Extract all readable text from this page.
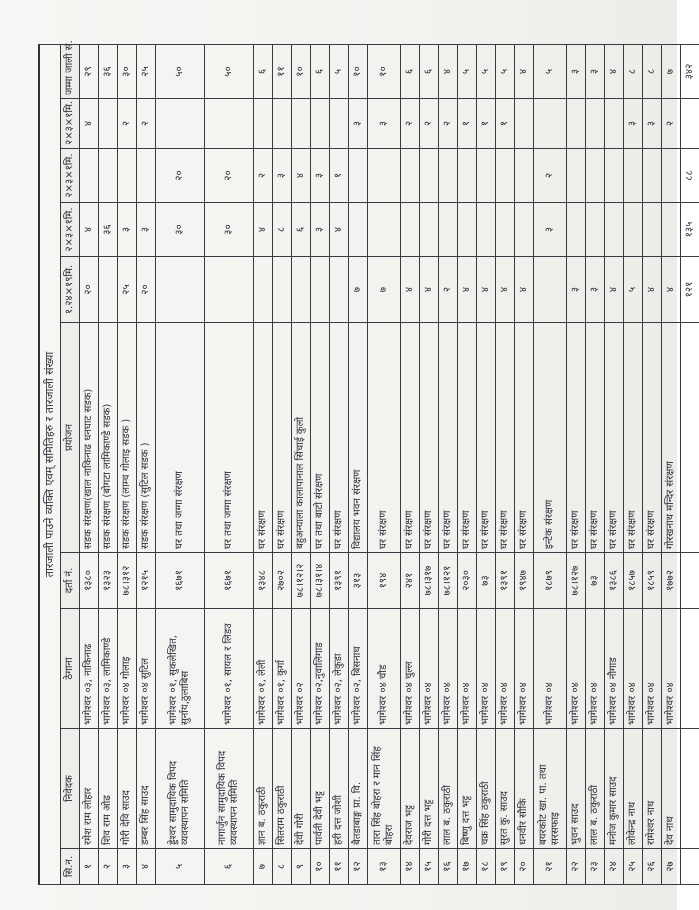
तारजाली पाउने व्यक्ति एवम् समितिहरु र तारजाली संख्या									
सि.न.	निवेदक	ठेगाना	दर्ता नं.	प्रयोजन	१.२४×१९मि.	२×३×१मि.	२×३×१मि.	२×३×१मि.	जम्मा जाली सं.
१	रमेश राम लोहार	भागेश्वर ०३, नाकिनाढ	१३८०	सडक संरक्षण(खाल नाकिनाढ धनघाट सडक)	२०	४		४	२९
२	शिव राम ओढ	भागेश्वर ०३, लामिकाण्डे	१३२३	सडक संरक्षण (बोगटा लामिकाण्डे सडक)		३६			३६
३	गोरी देवि साउद	भागेश्वर ०४ गोलाइ	७८।३१२	सडक संरक्षण (लाम्च गोलाइ सडक )	२५	३		२	३०
४	डम्बर सिंह साउद	भागेश्वर ०४ सुटिल	१२१५	सडक संरक्षण (सुटिल सडक )	२०	३		२	२५
५	ड्डेश्वर सामुदायिक विपद व्यवस्थापन समिति	भागेश्वर ०१, सुकलेखित, सुर्नाय,ठुलाबिस	१६७१	घर तथा जग्गा संरक्षण		३०	२०		५०
६	नागार्जुन सामुदायिक विपद व्यवस्थापन समिति	भागेश्वर ०१, सायल र लिडउ	१६७१	घर तथा जग्गा संरक्षण		३०	२०		५०
७	ज्ञान ब. ठकुराठी	भागेश्वर ०१, लेली	१३४८	घर संरक्षण		४	२		६
८	सितराम ठकुराठी	भागेश्वर ०१, कुर्गा	२७०२	घर संरक्षण		८	३		११
९	देवी गोरी	भागेश्वर ०२	७८।१२।२	बहुअन्याला कालापानाल सिंचाई कुलो		६	४		१०
१०	पार्वती देवी भट्ट	भागेश्वर ०२,नुवालिगाड	७८।३१।४	घर तथा बाटो संरक्षण		३	३		६
११	हरी दत्त जोशी	भागेश्वर ०२, लेकुडा	१३९१	घर संरक्षण		४	१		५
१२	बैतडाबाङ्ग प्रा. वि.	भागेश्वर ०२, बिसनाथ	३१३	विद्यालय भवन संरक्षण	७			३	१०
१३	तारा सिंह बोहरा र मान सिंह बोहरा	भागेश्वर ०४ चौड	१९४	घर संरक्षण	७			३	१०
१४	देवराज भट्ट	भागेश्वर ०४ चुल्ल	२४१	घर संरक्षण	४			२	६
१५	गोरी दत्त भट्ट	भागेश्वर ०४	७८।३१७	घर संरक्षण	४			२	६
१६	लाल ब. ठकुराठी	भागेश्वर ०४	७८।१२१	घर संरक्षण	२			२	४
१७	बिष्णु दत्त भट्ट	भागेश्वर ०४	२०३०	घर संरक्षण	४			१	५
१८	चक्र सिंह ठकुराठी	भागेश्वर ०४	७३	घर संरक्षण	४			१	५
१९	सुरत कु. साउद	भागेश्वर ०४	१३९१	घर संरक्षण	४			१	५
२०	धनवीर सौकि	भागेश्वर ०४	१९४७	घर संरक्षण	४				४
२१	बयरकोट खा. पा. तथा सरसफाइ	भागेश्वर ०४	१८७९	इन्टेक संरक्षण		३	२		५
२२	भुवन साउद	भागेश्वर ०४	७८।१२७	घर संरक्षण	३				३
२३	लाल ब. ठकुराठी	भागेश्वर ०४	७३	घर संरक्षण	३				३
२४	मनोज कुमार साउद	भागेश्वर ०४ नौगाड	१३८६	घर संरक्षण	४				४
२५	लोकेन्द्र नाथ	भागेश्वर ०४	१८५७	घर संरक्षण	५			३	८
२६	रामेश्वर नाथ	भागेश्वर ०४	१८५९	घर संरक्षण	४			३	८
२७	देव नाथ	भागेश्वर ०४	१७७२	गोरखनाथ मन्दिर संरक्षण	४			२	७
					१२१	१३५	८८		३४२
